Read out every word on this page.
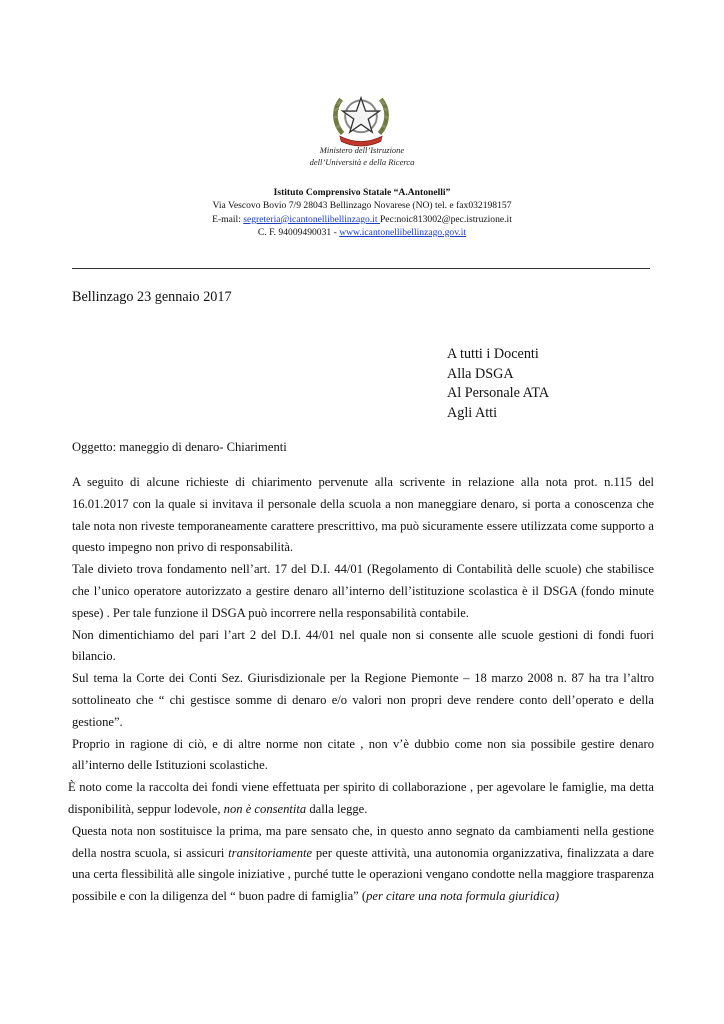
Ministero dell’Istruzione
dell’Università e della Ricerca
Istituto Comprensivo Statale “A.Antonelli”
Via Vescovo Bovio 7/9 28043 Bellinzago Novarese (NO) tel. e fax032198157
E-mail: segreteria@icantonellibellinzago.it Pec:noic813002@pec.istruzione.it
C. F. 94009490031 - www.icantonellibellinzago.gov.it
Bellinzago 23 gennaio 2017
A tutti i Docenti
Alla DSGA
Al Personale ATA
Agli Atti
Oggetto: maneggio di denaro- Chiarimenti

A seguito di alcune richieste di chiarimento pervenute alla scrivente in relazione alla nota prot. n.115 del 16.01.2017 con la quale si invitava il personale della scuola a non maneggiare denaro, si porta a conoscenza che tale nota non riveste temporaneamente carattere prescrittivo, ma può sicuramente essere utilizzata come supporto a questo impegno non privo di responsabilità.

Tale divieto trova fondamento nell’art. 17 del D.I. 44/01 (Regolamento di Contabilità delle scuole) che stabilisce che l’unico operatore autorizzato a gestire denaro all’interno dell’istituzione scolastica è il DSGA (fondo minute spese) . Per tale funzione il DSGA può incorrere nella responsabilità contabile.

Non dimentichiamo del pari l’art 2 del D.I. 44/01 nel quale non si consente alle scuole gestioni di fondi fuori bilancio.

Sul tema la Corte dei Conti Sez. Giurisdizionale per la Regione Piemonte – 18 marzo 2008 n. 87 ha tra l’altro sottolineato che “ chi gestisce somme di denaro e/o valori non propri deve rendere conto dell’operato e della gestione”.

Proprio in ragione di ciò, e di altre norme non citate , non v’è dubbio come non sia possibile gestire denaro all’interno delle Istituzioni scolastiche.

È noto come la raccolta dei fondi viene effettuata per spirito di collaborazione , per agevolare le famiglie, ma detta disponibilità, seppur lodevole, non è consentita dalla legge.

Questa nota non sostituisce la prima, ma pare sensato che, in questo anno segnato da cambiamenti nella gestione della nostra scuola, si assicuri transitoriamente per queste attività, una autonomia organizzativa, finalizzata a dare una certa flessibilità alle singole iniziative , purché tutte le operazioni vengano condotte nella maggiore trasparenza possibile e con la diligenza del “ buon padre di famiglia” (per citare una nota formula giuridica)
